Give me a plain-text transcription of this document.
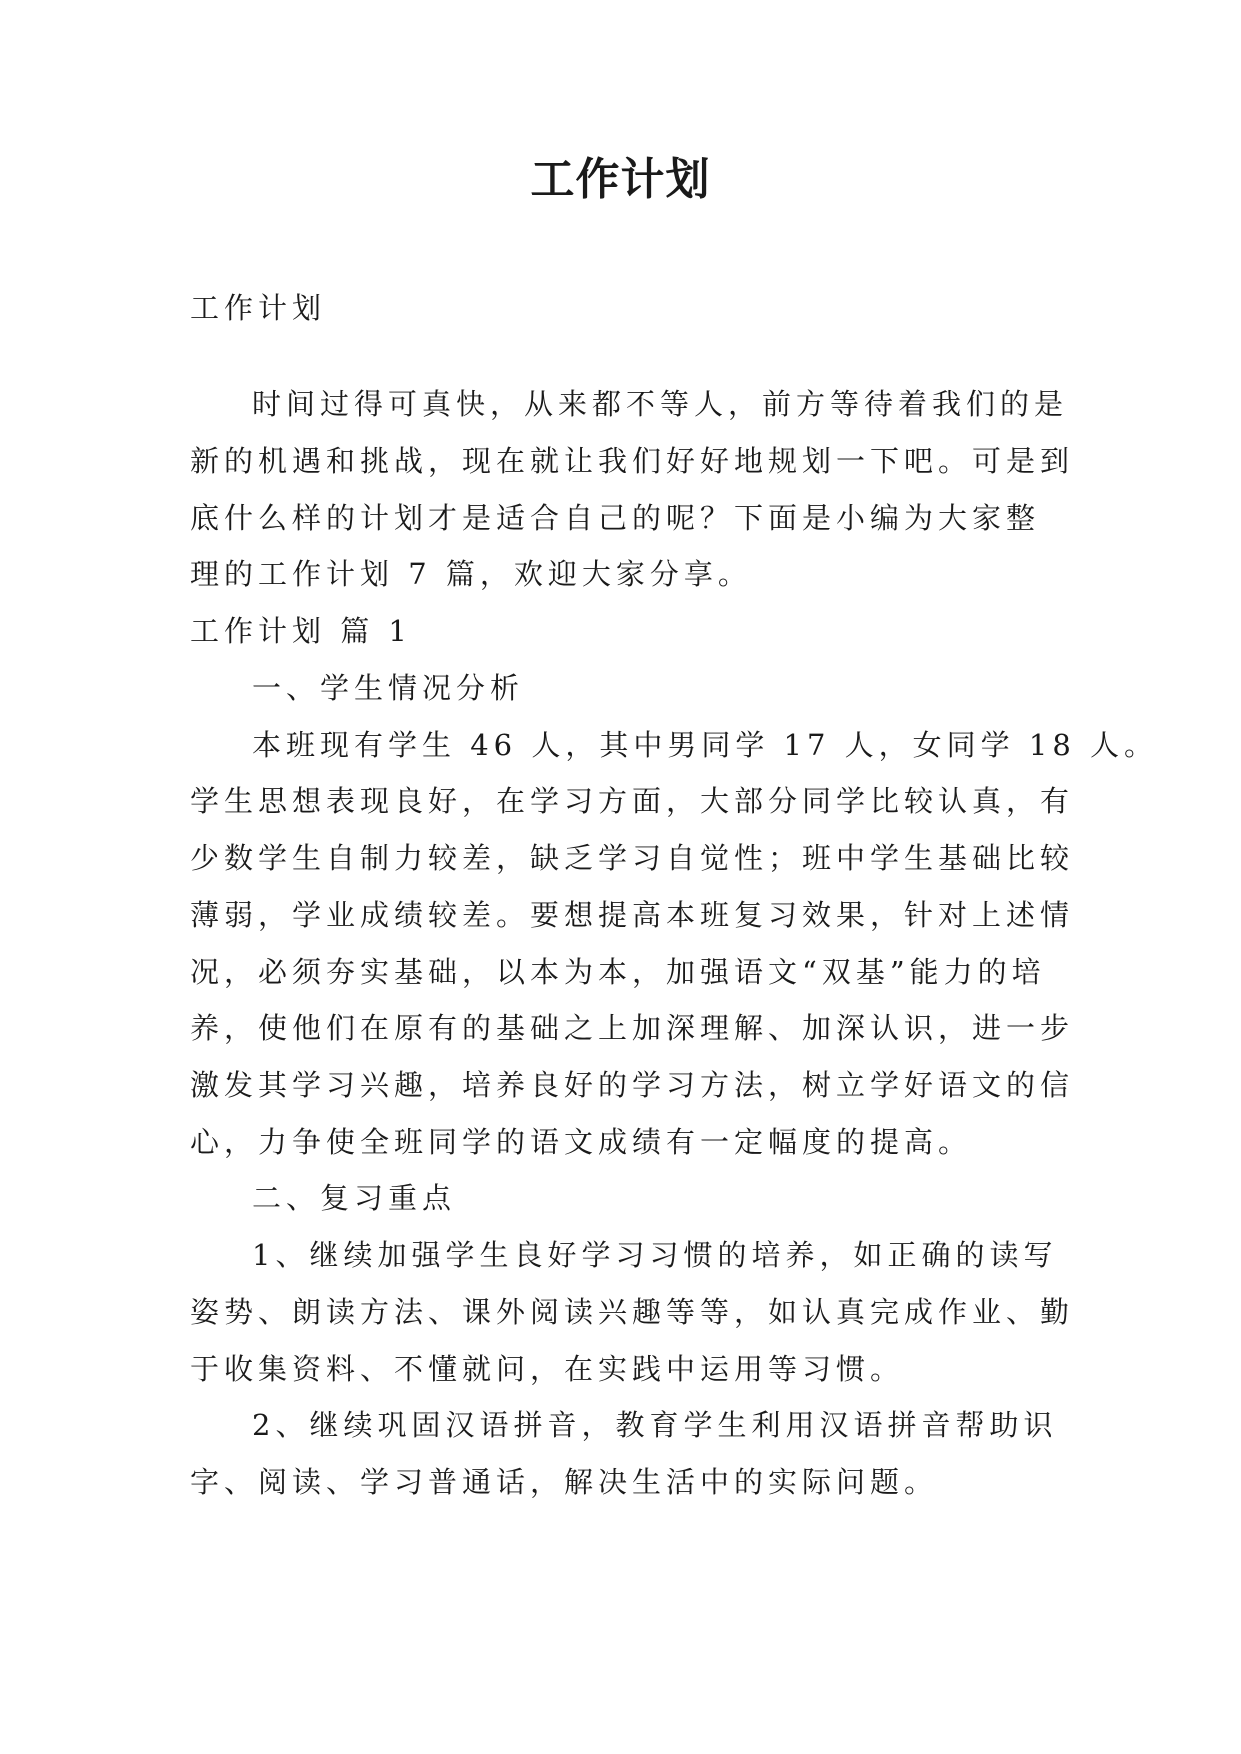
工作计划
工作计划
时间过得可真快，从来都不等人，前方等待着我们的是
新的机遇和挑战，现在就让我们好好地规划一下吧。可是到
底什么样的计划才是适合自己的呢？下面是小编为大家整
理的工作计划 7 篇，欢迎大家分享。
工作计划 篇 1
一、学生情况分析
本班现有学生 46 人，其中男同学 17 人，女同学 18 人。
学生思想表现良好，在学习方面，大部分同学比较认真，有
少数学生自制力较差，缺乏学习自觉性；班中学生基础比较
薄弱，学业成绩较差。要想提高本班复习效果，针对上述情
况，必须夯实基础，以本为本，加强语文“双基”能力的培
养，使他们在原有的基础之上加深理解、加深认识，进一步
激发其学习兴趣，培养良好的学习方法，树立学好语文的信
心，力争使全班同学的语文成绩有一定幅度的提高。
二、复习重点
1、继续加强学生良好学习习惯的培养，如正确的读写
姿势、朗读方法、课外阅读兴趣等等，如认真完成作业、勤
于收集资料、不懂就问，在实践中运用等习惯。
2、继续巩固汉语拼音，教育学生利用汉语拼音帮助识
字、阅读、学习普通话，解决生活中的实际问题。
